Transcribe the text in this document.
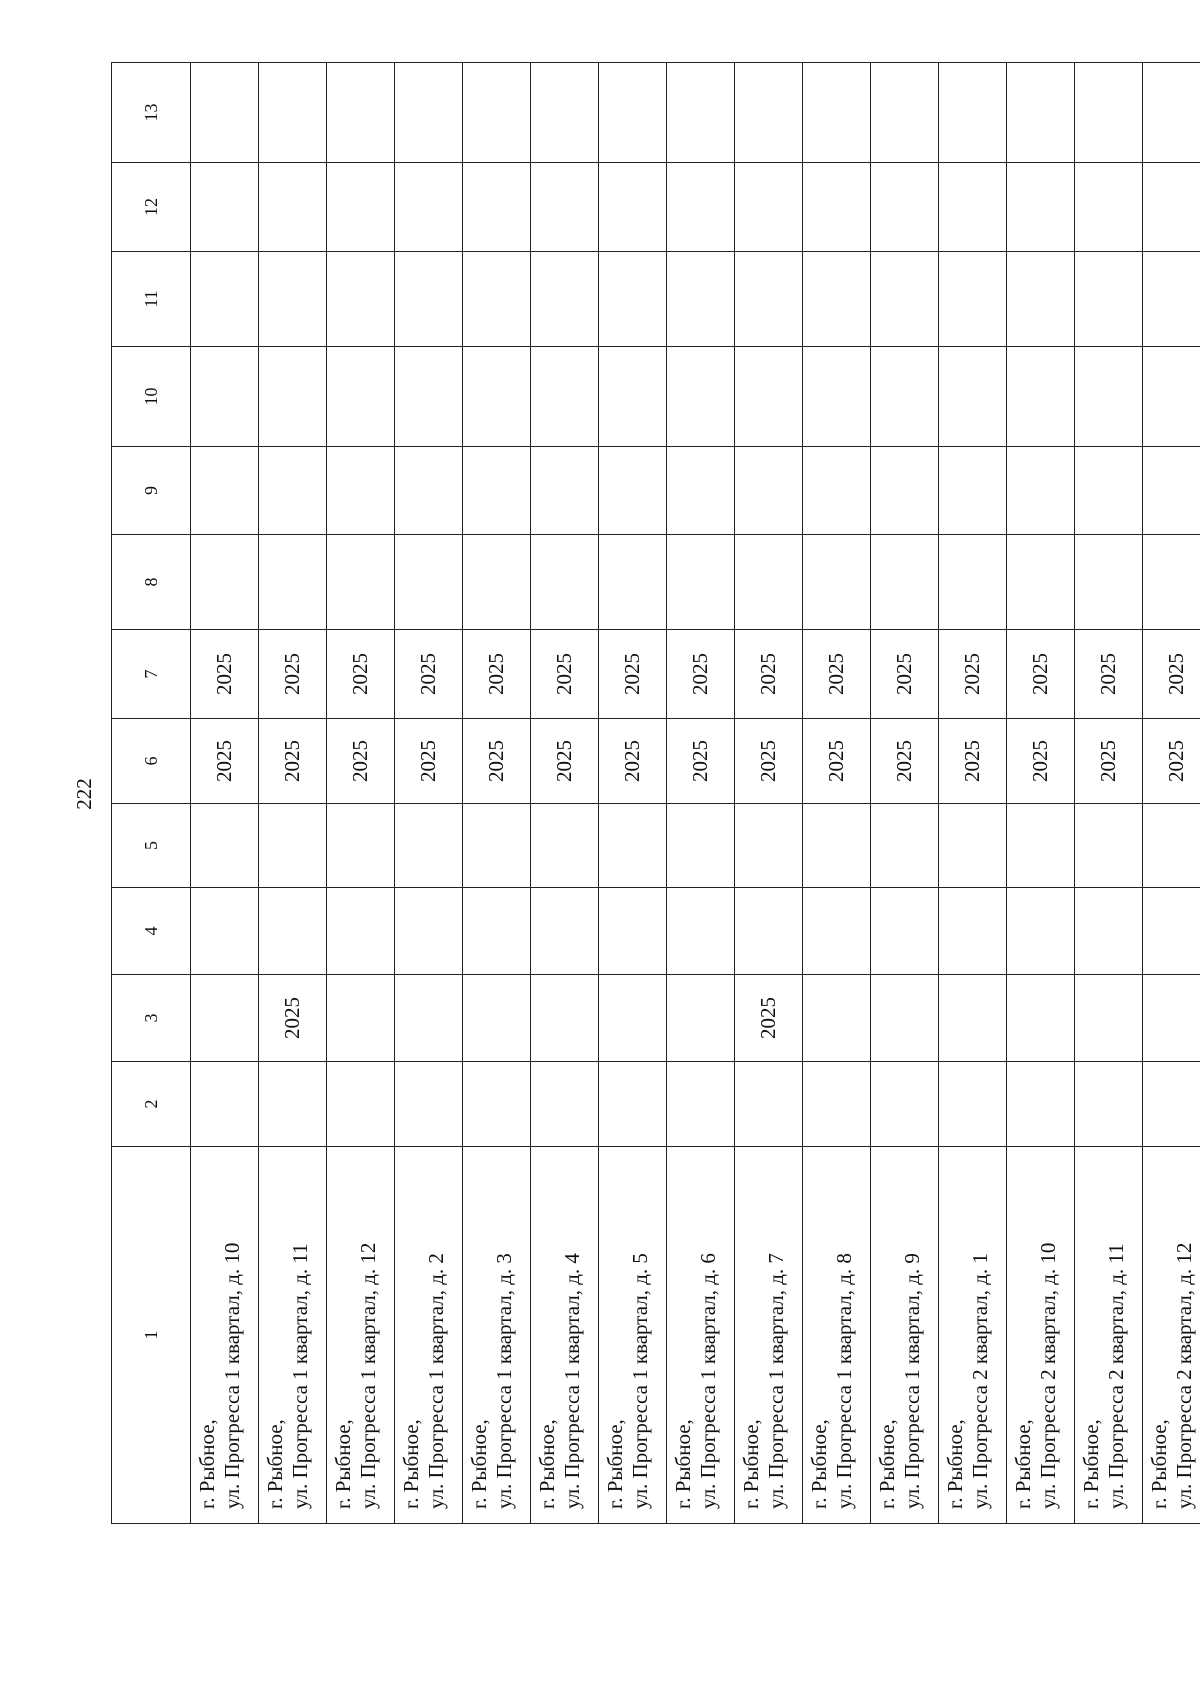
222
1	2	3	4	5	6	7	8	9	10	11	12	13

г. Рыбное, ул. Прогресса 1 квартал, д. 10					2025	2025						

г. Рыбное, ул. Прогресса 1 квартал, д. 11		2025			2025	2025						

г. Рыбное, ул. Прогресса 1 квартал, д. 12					2025	2025						

г. Рыбное, ул. Прогресса 1 квартал, д. 2					2025	2025						

г. Рыбное, ул. Прогресса 1 квартал, д. 3					2025	2025						

г. Рыбное, ул. Прогресса 1 квартал, д. 4					2025	2025						

г. Рыбное, ул. Прогресса 1 квартал, д. 5					2025	2025						

г. Рыбное, ул. Прогресса 1 квартал, д. 6					2025	2025						

г. Рыбное, ул. Прогресса 1 квартал, д. 7		2025			2025	2025						

г. Рыбное, ул. Прогресса 1 квартал, д. 8					2025	2025						

г. Рыбное, ул. Прогресса 1 квартал, д. 9					2025	2025						

г. Рыбное, ул. Прогресса 2 квартал, д. 1					2025	2025						

г. Рыбное, ул. Прогресса 2 квартал, д. 10					2025	2025						

г. Рыбное, ул. Прогресса 2 квартал, д. 11					2025	2025						

г. Рыбное, ул. Прогресса 2 квартал, д. 12					2025	2025						
